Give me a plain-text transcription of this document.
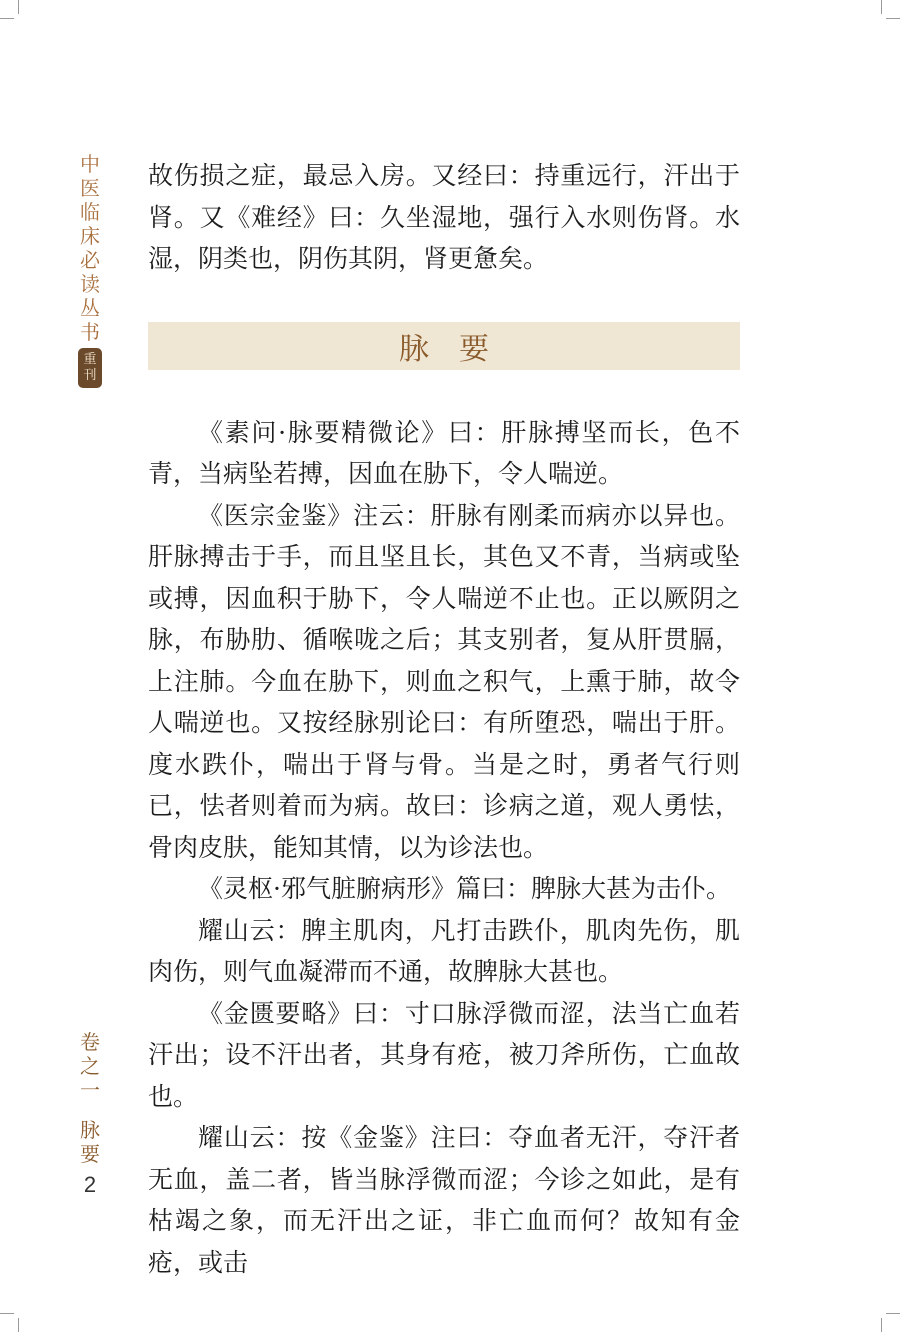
中
医
临
床
必
读
丛
书
重
刊
卷
之
一
脉
要
2

故伤损之症，最忌入房。又经曰：持重远行，汗出于肾。又《难经》曰：久坐湿地，强行入水则伤肾。水湿，阴类也，阴伤其阴，肾更惫矣。

脉要

《素问·脉要精微论》曰：肝脉搏坚而长，色不青，当病坠若搏，因血在胁下，令人喘逆。

《医宗金鉴》注云：肝脉有刚柔而病亦以异也。肝脉搏击于手，而且坚且长，其色又不青，当病或坠或搏，因血积于胁下，令人喘逆不止也。正以厥阴之脉，布胁肋、循喉咙之后；其支别者，复从肝贯膈，上注肺。今血在胁下，则血之积气，上熏于肺，故令人喘逆也。又按经脉别论曰：有所堕恐，喘出于肝。度水跌仆，喘出于肾与骨。当是之时，勇者气行则已，怯者则着而为病。故曰：诊病之道，观人勇怯，骨肉皮肤，能知其情，以为诊法也。

《灵枢·邪气脏腑病形》篇曰：脾脉大甚为击仆。

耀山云：脾主肌肉，凡打击跌仆，肌肉先伤，肌肉伤，则气血凝滞而不通，故脾脉大甚也。

《金匮要略》曰：寸口脉浮微而涩，法当亡血若汗出；设不汗出者，其身有疮，被刀斧所伤，亡血故也。

耀山云：按《金鉴》注曰：夺血者无汗，夺汗者无血，盖二者，皆当脉浮微而涩；今诊之如此，是有枯竭之象，而无汗出之证，非亡血而何？故知有金疮，或击
